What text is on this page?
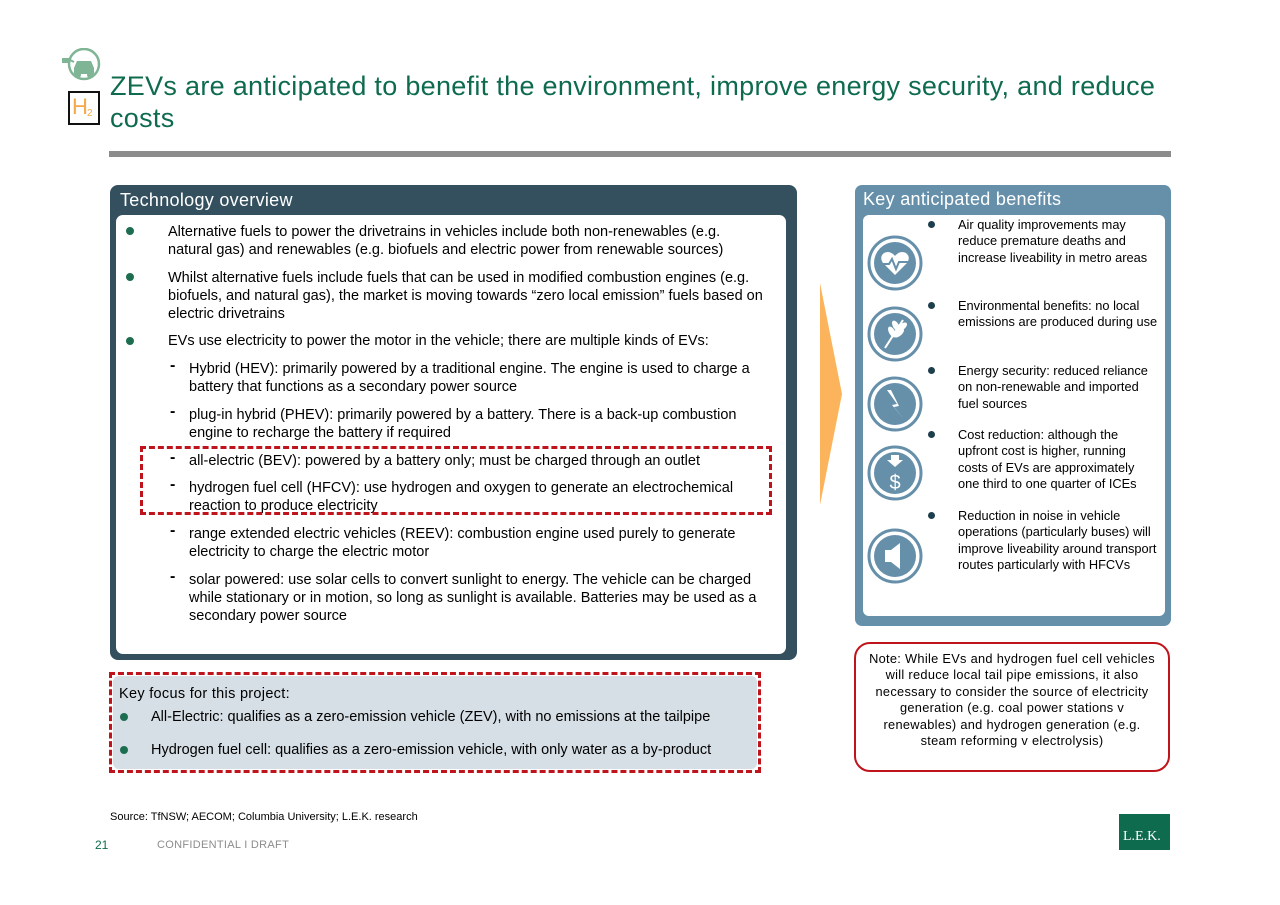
H 2
ZEVs are anticipated to benefit the environment, improve energy security, and reduce costs
Technology overview
Alternative fuels to power the drivetrains in vehicles include both non-renewables (e.g. natural gas) and renewables (e.g. biofuels and electric power from renewable sources)
Whilst alternative fuels include fuels that can be used in modified combustion engines (e.g. biofuels, and natural gas), the market is moving towards “zero local emission” fuels based on electric drivetrains
EVs use electricity to power the motor in the vehicle; there are multiple kinds of EVs:
- Hybrid (HEV): primarily powered by a traditional engine. The engine is used to charge a battery that functions as a secondary power source
- plug-in hybrid (PHEV): primarily powered by a battery. There is a back-up combustion engine to recharge the battery if required
- all-electric (BEV): powered by a battery only; must be charged through an outlet
- hydrogen fuel cell (HFCV): use hydrogen and oxygen to generate an electrochemical reaction to produce electricity
- range extended electric vehicles (REEV): combustion engine used purely to generate electricity to charge the electric motor
- solar powered: use solar cells to convert sunlight to energy. The vehicle can be charged while stationary or in motion, so long as sunlight is available. Batteries may be used as a secondary power source
Key anticipated benefits
Air quality improvements may reduce premature deaths and increase liveability in metro areas
Environmental benefits: no local emissions are produced during use
Energy security: reduced reliance on non-renewable and imported fuel sources
$
Cost reduction: although the upfront cost is higher, running costs of EVs are approximately one third to one quarter of ICEs
Reduction in noise in vehicle operations (particularly buses) will improve liveability around transport routes particularly with HFCVs
Note: While EVs and hydrogen fuel cell vehicles will reduce local tail pipe emissions, it also necessary to consider the source of electricity generation (e.g. coal power stations v renewables) and hydrogen generation (e.g. steam reforming v electrolysis)
Key focus for this project:
All-Electric: qualifies as a zero-emission vehicle (ZEV), with no emissions at the tailpipe
Hydrogen fuel cell: qualifies as a zero-emission vehicle, with only water as a by-product
Source: TfNSW; AECOM; Columbia University; L.E.K. research
21	CONFIDENTIAL I DRAFT
L.E.K.
